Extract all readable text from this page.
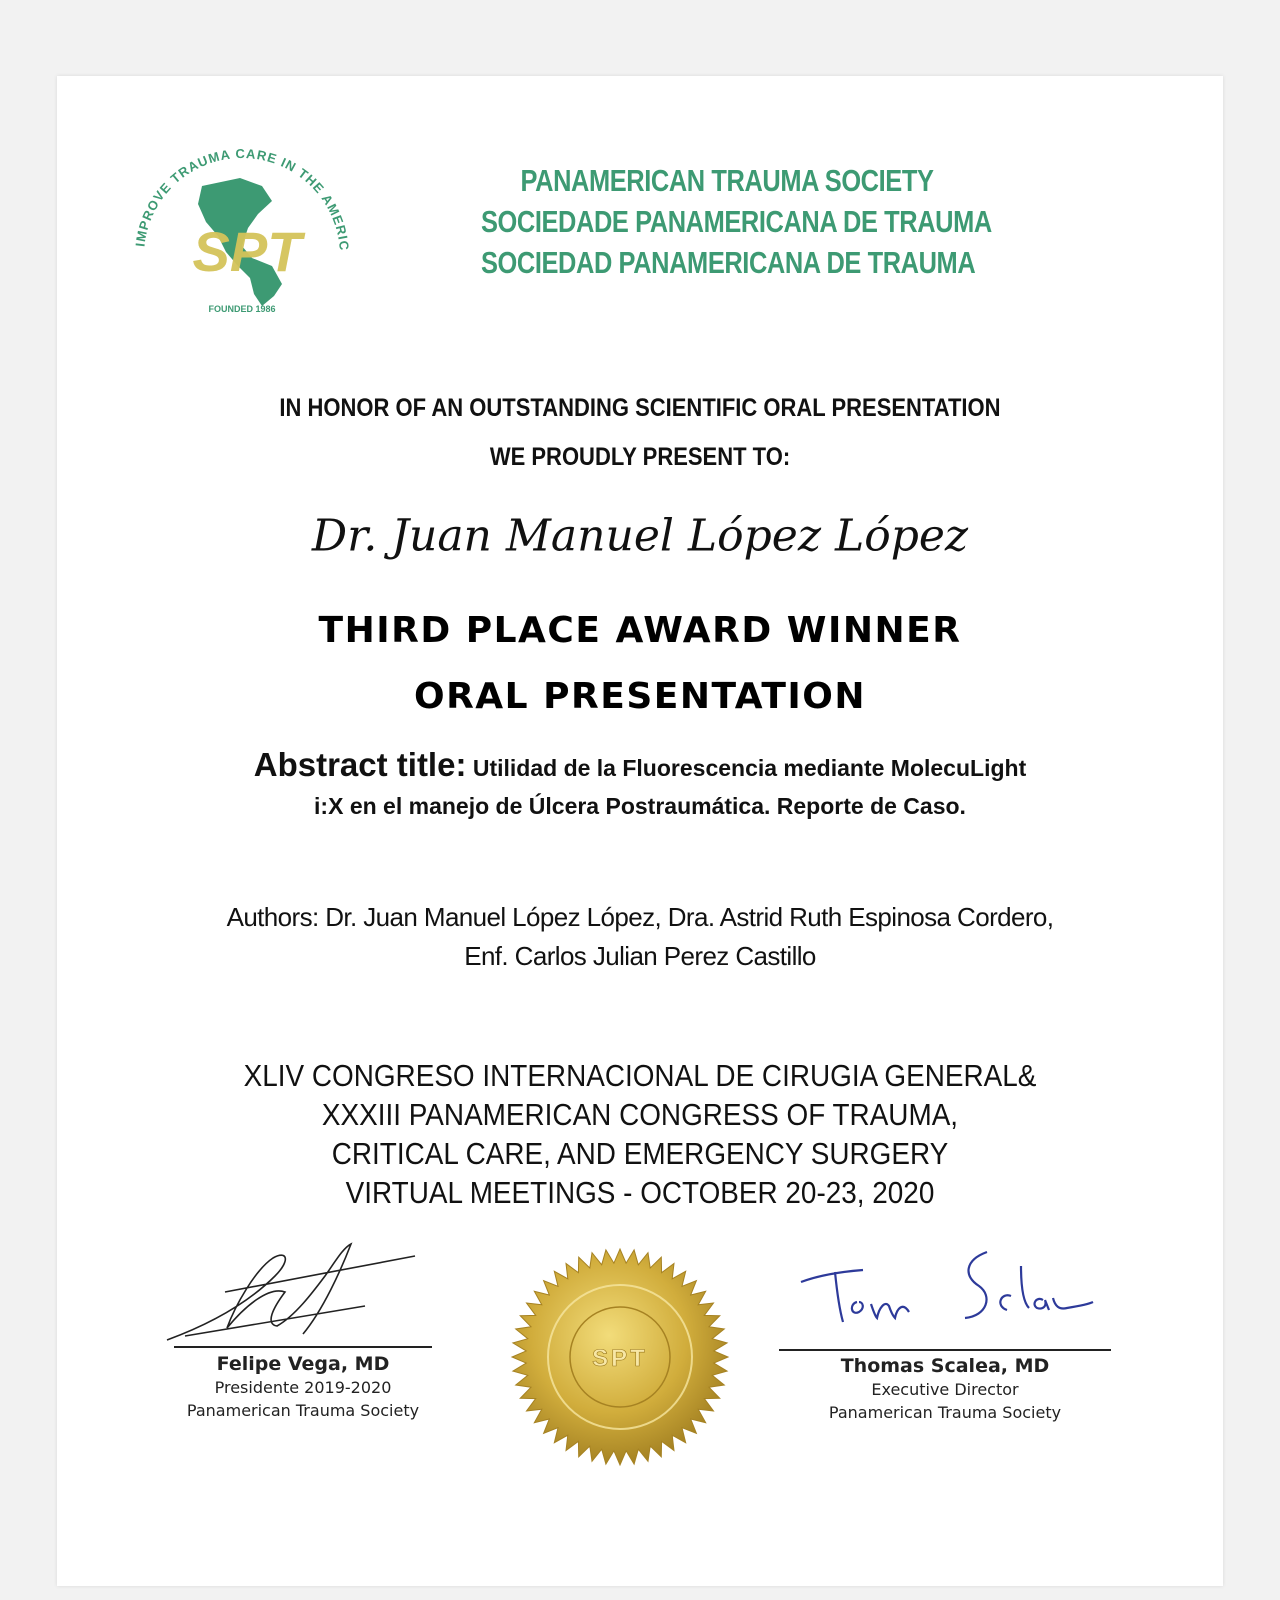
IMPROVE TRAUMA CARE IN THE AMERIC
SPT
FOUNDED 1986
PANAMERICAN TRAUMA SOCIETY
SOCIEDADE PANAMERICANA DE TRAUMA
SOCIEDAD PANAMERICANA DE TRAUMA
IN HONOR OF AN OUTSTANDING SCIENTIFIC ORAL PRESENTATION
WE PROUDLY PRESENT TO:
Dr. Juan Manuel López López
THIRD PLACE AWARD WINNER
ORAL PRESENTATION
Abstract title: Utilidad de la Fluorescencia mediante MolecuLight
i:X en el manejo de Úlcera Postraumática. Reporte de Caso.
Authors: Dr. Juan Manuel López López, Dra. Astrid Ruth Espinosa Cordero,
Enf. Carlos Julian Perez Castillo
XLIV CONGRESO INTERNACIONAL DE CIRUGIA GENERAL&
XXXIII PANAMERICAN CONGRESS OF TRAUMA,
CRITICAL CARE, AND EMERGENCY SURGERY
VIRTUAL MEETINGS - OCTOBER 20-23, 2020
Felipe Vega, MD
Presidente 2019-2020
Panamerican Trauma Society
SPT	Thomas Scalea, MD
Executive Director
Panamerican Trauma Society
